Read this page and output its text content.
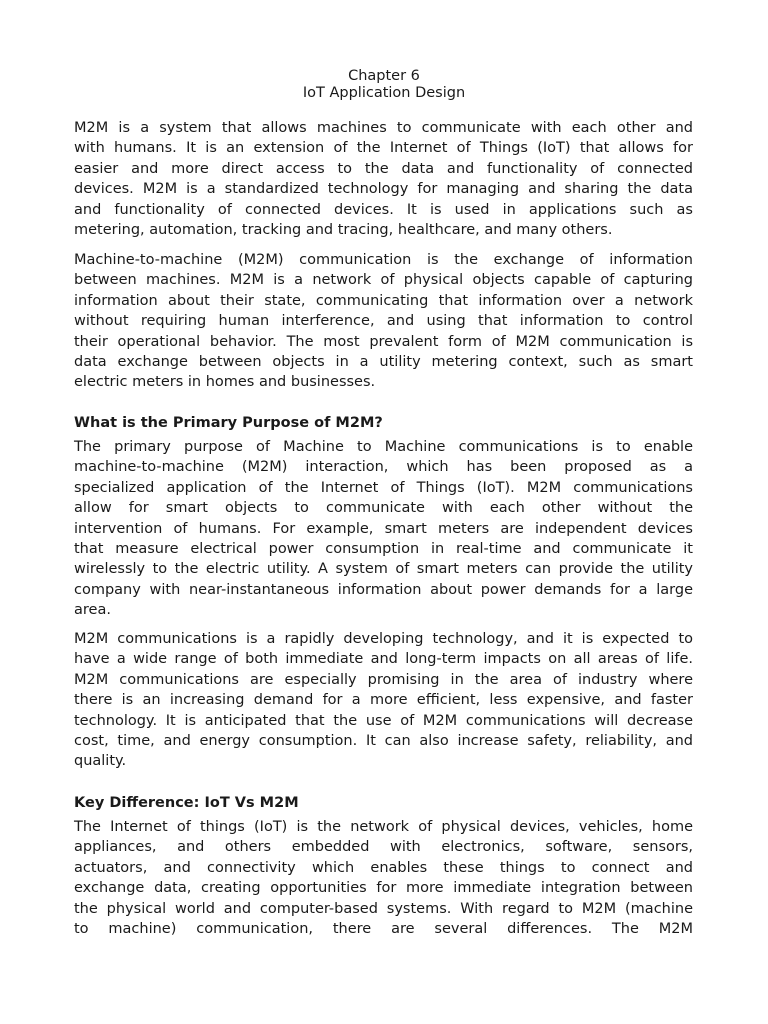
Chapter 6
IoT Application Design
M2M is a system that allows machines to communicate with each other and
with humans. It is an extension of the Internet of Things (IoT) that allows for
easier and more direct access to the data and functionality of connected
devices. M2M is a standardized technology for managing and sharing the data
and functionality of connected devices. It is used in applications such as
metering, automation, tracking and tracing, healthcare, and many others.
Machine-to-machine (M2M) communication is the exchange of information
between machines. M2M is a network of physical objects capable of capturing
information about their state, communicating that information over a network
without requiring human interference, and using that information to control
their operational behavior. The most prevalent form of M2M communication is
data exchange between objects in a utility metering context, such as smart
electric meters in homes and businesses.
What is the Primary Purpose of M2M?
The primary purpose of Machine to Machine communications is to enable
machine-to-machine (M2M) interaction, which has been proposed as a
specialized application of the Internet of Things (IoT). M2M communications
allow for smart objects to communicate with each other without the
intervention of humans. For example, smart meters are independent devices
that measure electrical power consumption in real-time and communicate it
wirelessly to the electric utility. A system of smart meters can provide the utility
company with near-instantaneous information about power demands for a large
area.
M2M communications is a rapidly developing technology, and it is expected to
have a wide range of both immediate and long-term impacts on all areas of life.
M2M communications are especially promising in the area of industry where
there is an increasing demand for a more efficient, less expensive, and faster
technology. It is anticipated that the use of M2M communications will decrease
cost, time, and energy consumption. It can also increase safety, reliability, and
quality.
Key Difference: IoT Vs M2M
The Internet of things (IoT) is the network of physical devices, vehicles, home
appliances, and others embedded with electronics, software, sensors,
actuators, and connectivity which enables these things to connect and
exchange data, creating opportunities for more immediate integration between
the physical world and computer-based systems. With regard to M2M (machine
to machine) communication, there are several differences. The M2M
